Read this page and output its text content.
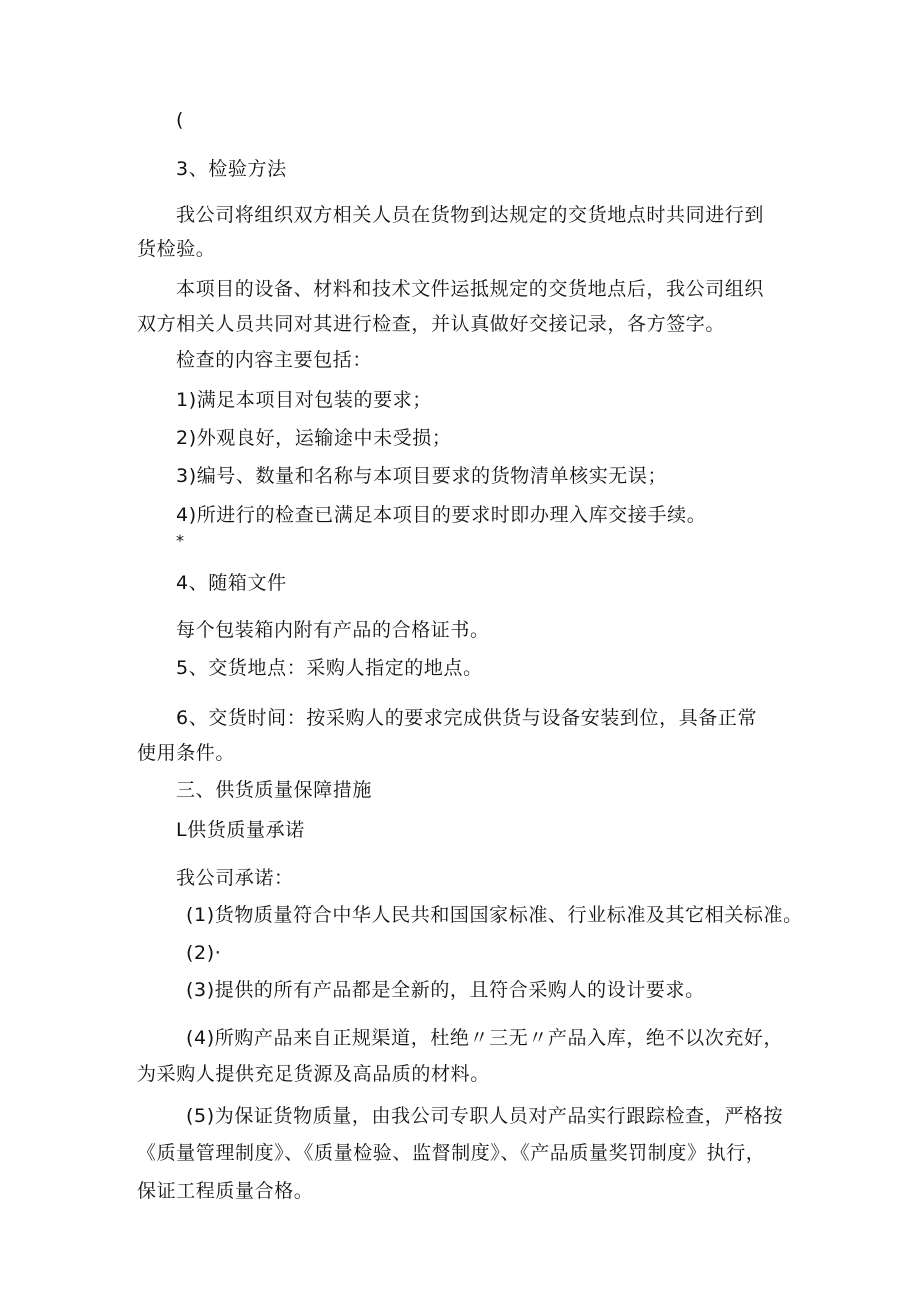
(
3、检验方法
我公司将组织双方相关人员在货物到达规定的交货地点时共同进行到
货检验。
本项目的设备、材料和技术文件运抵规定的交货地点后，我公司组织
双方相关人员共同对其进行检查，并认真做好交接记录，各方签字。
检查的内容主要包括：
1)满足本项目对包装的要求；
2)外观良好，运输途中未受损；
3)编号、数量和名称与本项目要求的货物清单核实无误；
4)所进行的检查已满足本项目的要求时即办理入库交接手续。
*
4、随箱文件
每个包装箱内附有产品的合格证书。
5、交货地点：采购人指定的地点。
6、交货时间：按采购人的要求完成供货与设备安装到位，具备正常
使用条件。
三、供货质量保障措施
L供货质量承诺
我公司承诺：
(1)货物质量符合中华人民共和国国家标准、行业标准及其它相关标准。
(2)·
(3)提供的所有产品都是全新的，且符合采购人的设计要求。
(4)所购产品来自正规渠道，杜绝〃三无〃产品入库，绝不以次充好，
为采购人提供充足货源及高品质的材料。
(5)为保证货物质量，由我公司专职人员对产品实行跟踪检查，严格按
《质量管理制度》、《质量检验、监督制度》、《产品质量奖罚制度》执行，
保证工程质量合格。
